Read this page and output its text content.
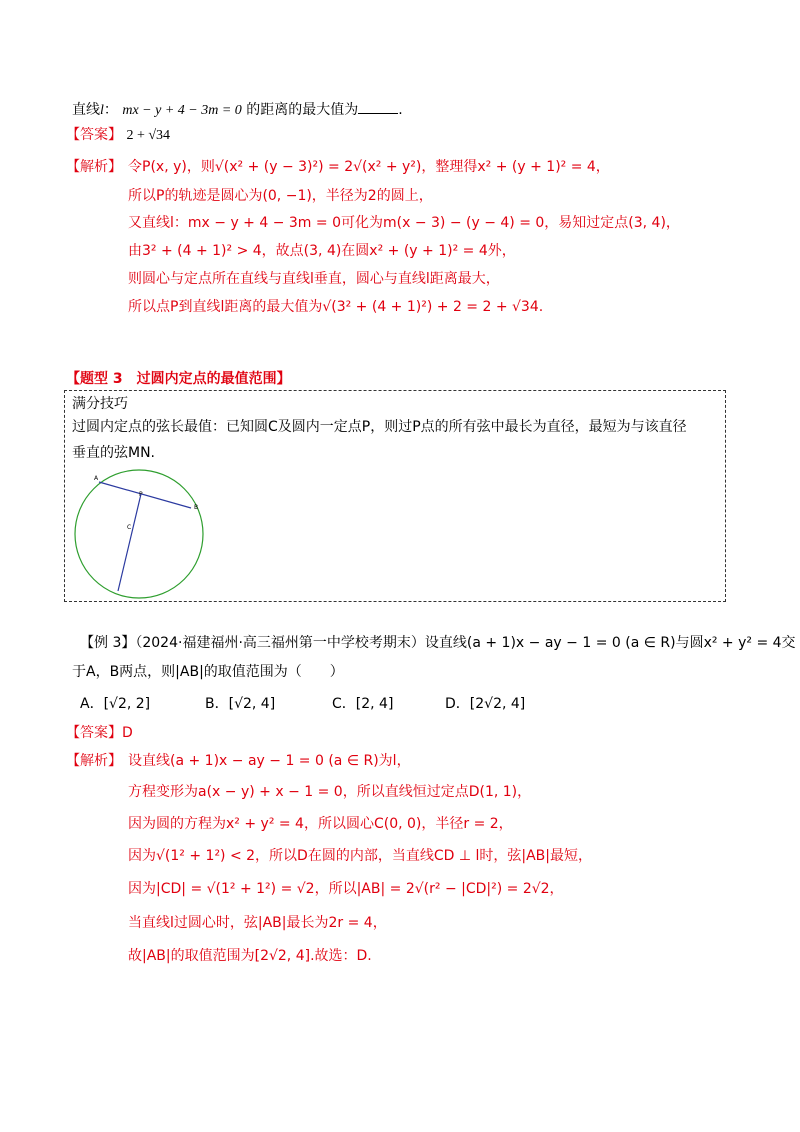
直线l： mx − y + 4 − 3m = 0 的距离的最大值为	.
【答案】 2 + √34
【解析】 令P(x, y)，则√(x² + (y − 3)²) = 2√(x² + y²)，整理得x² + (y + 1)² = 4，
所以P的轨迹是圆心为(0, −1)，半径为2的圆上，
又直线l：mx − y + 4 − 3m = 0可化为m(x − 3) − (y − 4) = 0，易知过定点(3, 4)，
由3² + (4 + 1)² > 4，故点(3, 4)在圆x² + (y + 1)² = 4外，
则圆心与定点所在直线与直线l垂直，圆心与直线l距离最大，
所以点P到直线l距离的最大值为√(3² + (4 + 1)²) + 2 = 2 + √34.
【题型 3　过圆内定点的最值范围】
满分技巧
过圆内定点的弦长最值：已知圆C及圆内一定点P，则过P点的所有弦中最长为直径，最短为与该直径
垂直的弦MN.
A
P
B
C
【例 3】（2024·福建福州·高三福州第一中学校考期末）设直线(a + 1)x − ay − 1 = 0 (a ∈ R)与圆x² + y² = 4交
于A，B两点，则|AB|的取值范围为（　　）
A．[√2, 2]	B．[√2, 4]	C．[2, 4]	D．[2√2, 4]
【答案】D
【解析】 设直线(a + 1)x − ay − 1 = 0 (a ∈ R)为l，
方程变形为a(x − y) + x − 1 = 0，所以直线恒过定点D(1, 1)，
因为圆的方程为x² + y² = 4，所以圆心C(0, 0)，半径r = 2，
因为√(1² + 1²) < 2，所以D在圆的内部，当直线CD ⊥ l时，弦|AB|最短，
因为|CD| = √(1² + 1²) = √2，所以|AB| = 2√(r² − |CD|²) = 2√2，
当直线l过圆心时，弦|AB|最长为2r = 4，
故|AB|的取值范围为[2√2, 4].故选：D.
